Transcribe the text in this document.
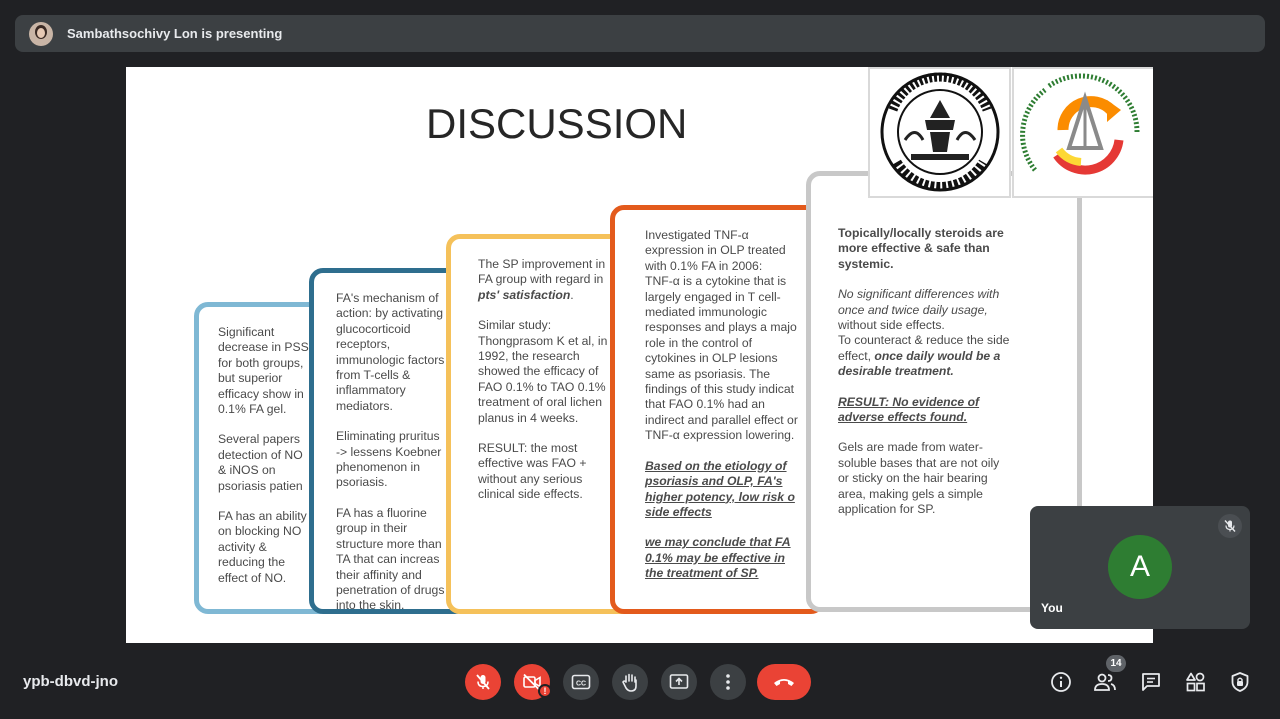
Sambathsochivy Lon is presenting
DISCUSSION

Significant
decrease in PSS
for both groups,
but superior
efficacy show in
0.1% FA gel.

Several papers
detection of NO
& iNOS on
psoriasis patien

FA has an ability
on blocking NO
activity &
reducing the
effect of NO.

FA's mechanism of
action: by activating
glucocorticoid
receptors,
immunologic factors
from T-cells &
inflammatory
mediators.

Eliminating pruritus
-> lessens Koebner
phenomenon in
psoriasis.

FA has a fluorine
group in their
structure more than
TA that can increas
their affinity and
penetration of drugs
into the skin.

The SP improvement in
FA group with regard in
pts' satisfaction.

Similar study:
Thongprasom K et al, in
1992, the research
showed the efficacy of
FAO 0.1% to TAO 0.1%
treatment of oral lichen
planus in 4 weeks.

RESULT: the most
effective was FAO +
without any serious
clinical side effects.

Investigated TNF-α
expression in OLP treated
with 0.1% FA in 2006:
TNF-α is a cytokine that is
largely engaged in T cell-
mediated immunologic
responses and plays a majo
role in the control of
cytokines in OLP lesions
same as psoriasis. The
findings of this study indicat
that FAO 0.1% had an
indirect and parallel effect or
TNF-α expression lowering.

Based on the etiology of
psoriasis and OLP, FA's
higher potency, low risk o
side effects

we may conclude that FA
0.1% may be effective in
the treatment of SP.

Topically/locally steroids are
more effective & safe than
systemic.

No significant differences with
once and twice daily usage,
without side effects.
To counteract & reduce the side
effect, once daily would be a
desirable treatment.

RESULT: No evidence of
adverse effects found.

Gels are made from water-
soluble bases that are not oily
or sticky on the hair bearing
area, making gels a simple
application for SP.

A
You
ypb-dbvd-jno
!
CC
14
